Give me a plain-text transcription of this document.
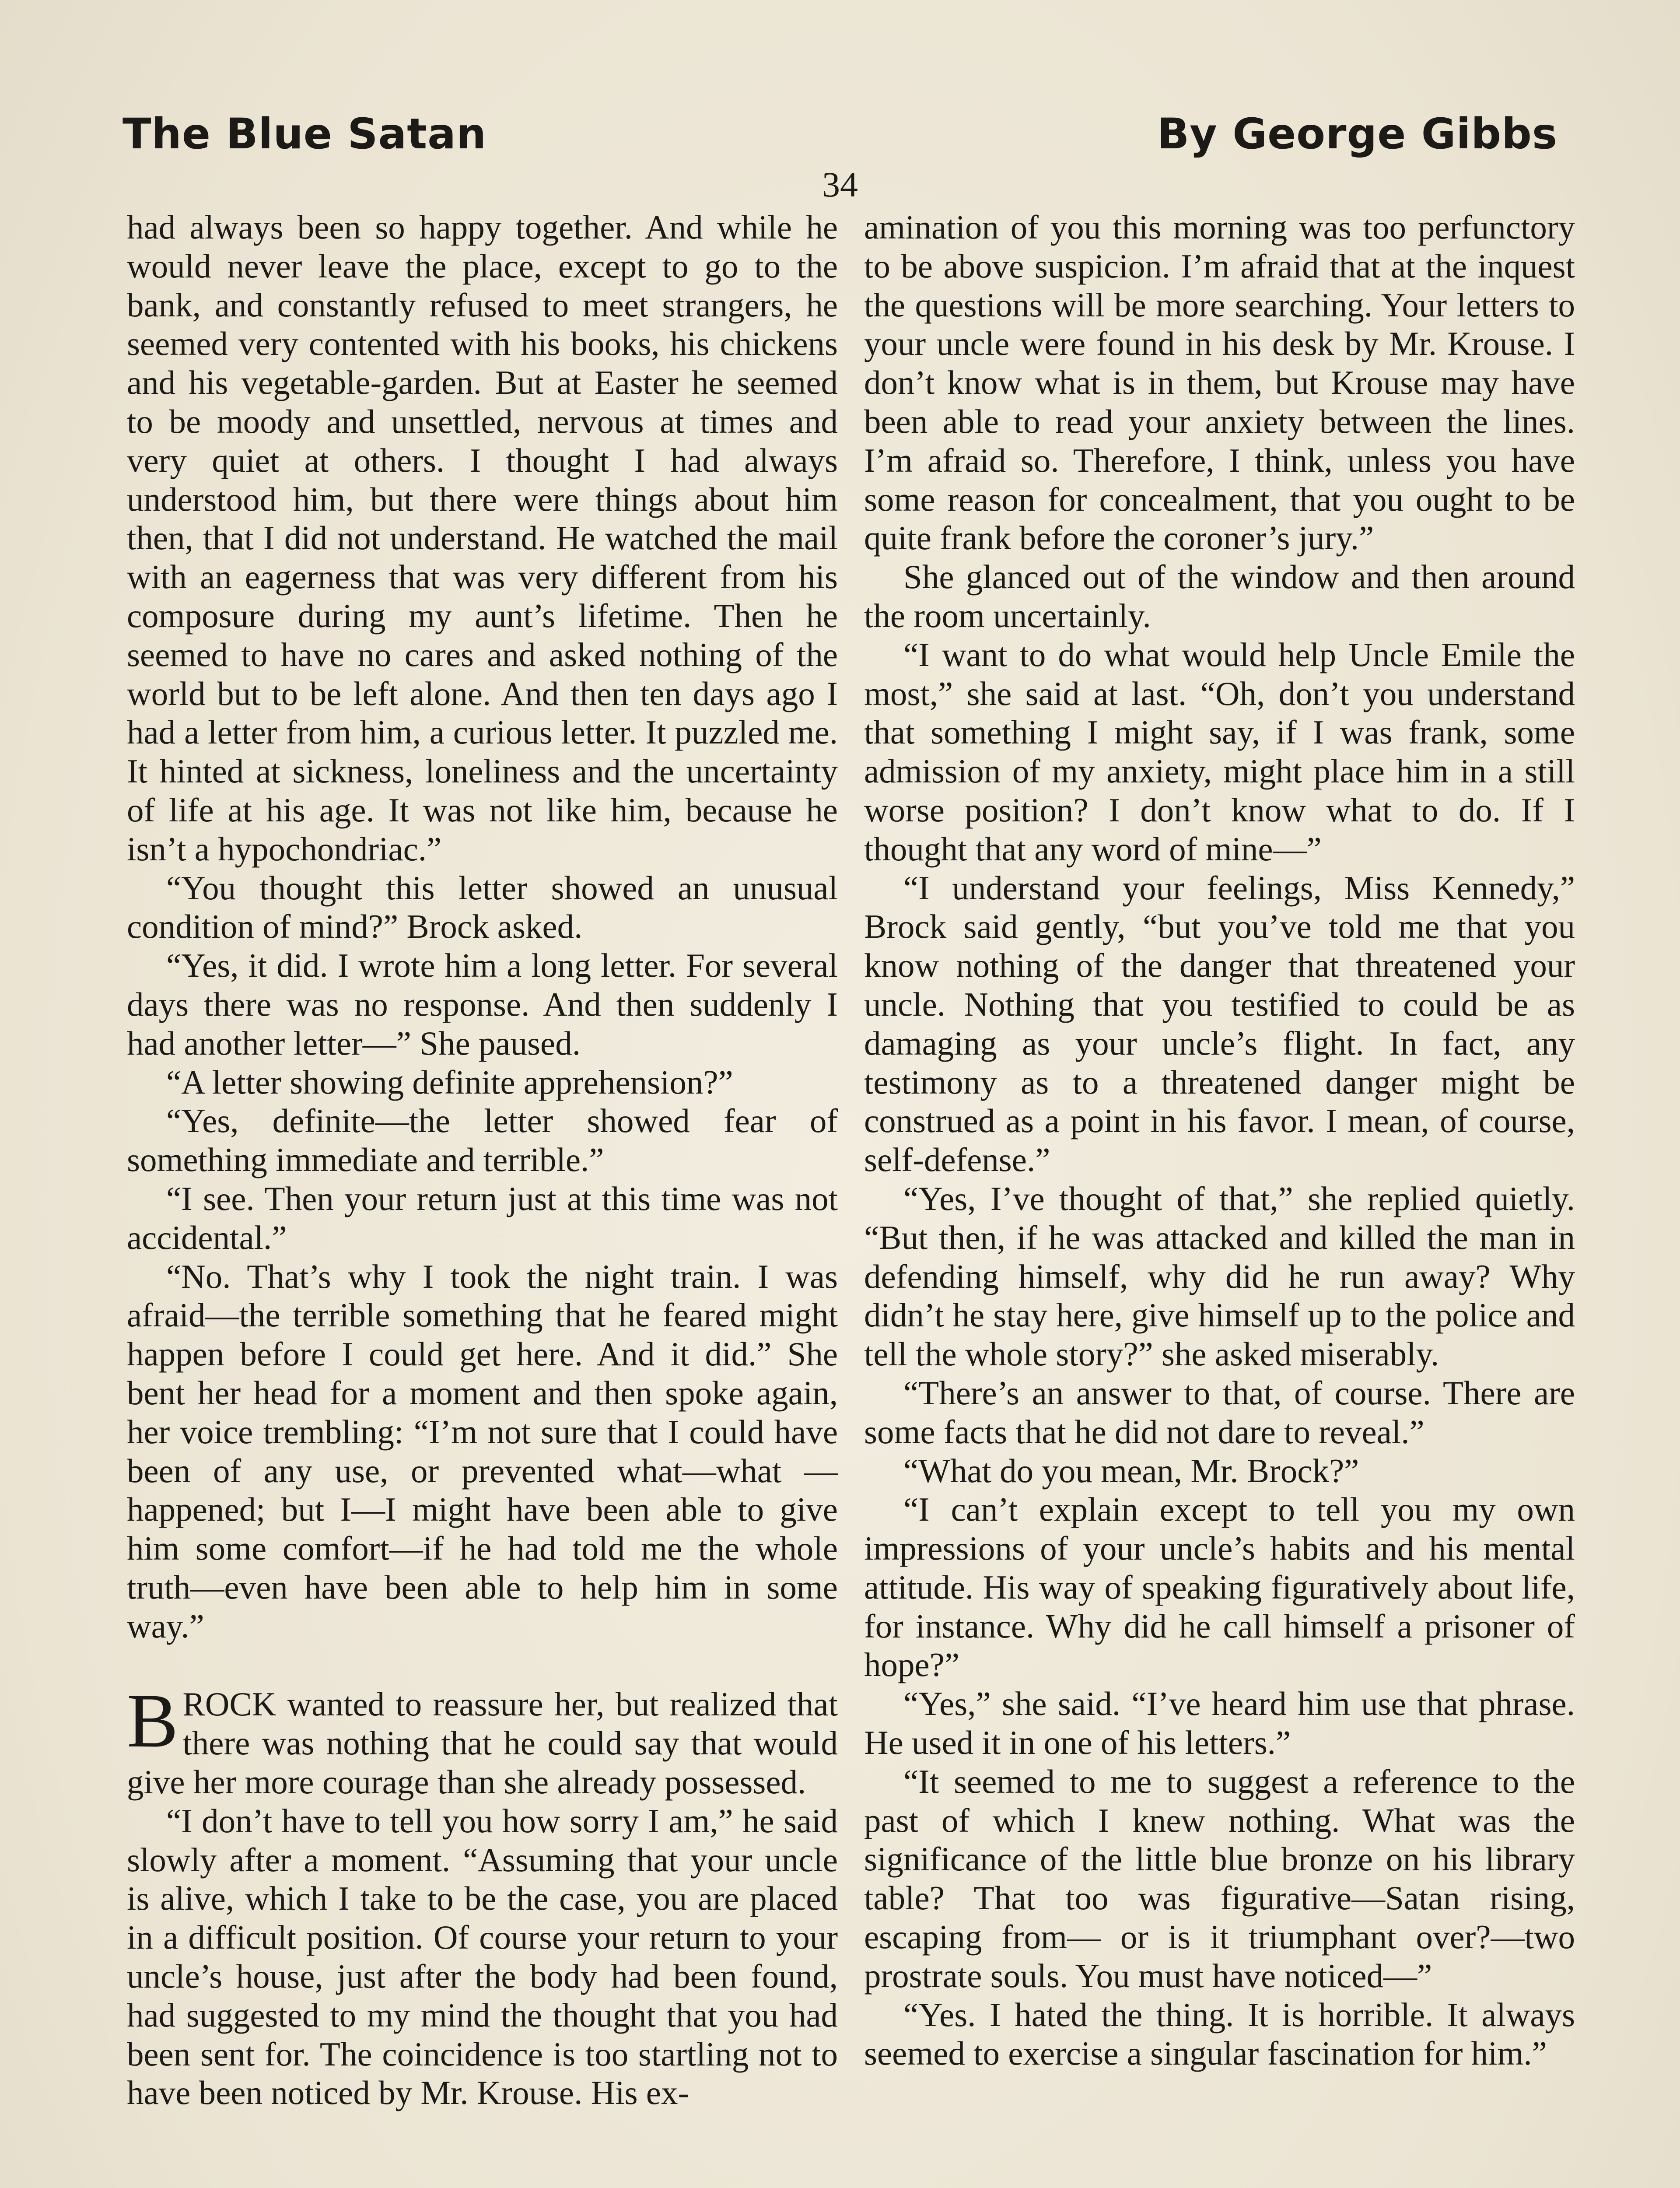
The Blue Satan	By George Gibbs
34

had always been so happy together. And while he would never leave the place, except to go to the bank, and constantly refused to meet strangers, he seemed very contented with his books, his chickens and his vegetable-garden. But at Easter he seemed to be moody and unsettled, nervous at times and very quiet at others. I thought I had always understood him, but there were things about him then, that I did not understand. He watched the mail with an eagerness that was very different from his composure during my aunt’s lifetime. Then he seemed to have no cares and asked nothing of the world but to be left alone. And then ten days ago I had a letter from him, a curious letter. It puzzled me. It hinted at sickness, loneliness and the uncertainty of life at his age. It was not like him, because he isn’t a hypochondriac.”

“You thought this letter showed an unusual condition of mind?” Brock asked.

“Yes, it did. I wrote him a long letter. For several days there was no response. And then suddenly I had another letter—” She paused.

“A letter showing definite apprehension?”

“Yes, definite—the letter showed fear of something immediate and terrible.”

“I see. Then your return just at this time was not accidental.”

“No. That’s why I took the night train. I was afraid—the terrible something that he feared might happen before I could get here. And it did.” She bent her head for a moment and then spoke again, her voice trembling: “I’m not sure that I could have been of any use, or prevented what—what —happened; but I—I might have been able to give him some comfort—if he had told me the whole truth—even have been able to help him in some way.”

BROCK wanted to reassure her, but realized that there was nothing that he could say that would give her more courage than she already possessed.

“I don’t have to tell you how sorry I am,” he said slowly after a moment. “Assuming that your uncle is alive, which I take to be the case, you are placed in a difficult position. Of course your return to your uncle’s house, just after the body had been found, had suggested to my mind the thought that you had been sent for. The coincidence is too startling not to have been noticed by Mr. Krouse. His ex-

amination of you this morning was too perfunctory to be above suspicion. I’m afraid that at the inquest the questions will be more searching. Your letters to your uncle were found in his desk by Mr. Krouse. I don’t know what is in them, but Krouse may have been able to read your anxiety between the lines. I’m afraid so. Therefore, I think, unless you have some reason for concealment, that you ought to be quite frank before the coroner’s jury.”

She glanced out of the window and then around the room uncertainly.

“I want to do what would help Uncle Emile the most,” she said at last. “Oh, don’t you understand that something I might say, if I was frank, some admission of my anxiety, might place him in a still worse position? I don’t know what to do. If I thought that any word of mine—”

“I understand your feelings, Miss Kennedy,” Brock said gently, “but you’ve told me that you know nothing of the danger that threatened your uncle. Nothing that you testified to could be as damaging as your uncle’s flight. In fact, any testimony as to a threatened danger might be construed as a point in his favor. I mean, of course, self-defense.”

“Yes, I’ve thought of that,” she replied quietly. “But then, if he was attacked and killed the man in defending himself, why did he run away? Why didn’t he stay here, give himself up to the police and tell the whole story?” she asked miserably.

“There’s an answer to that, of course. There are some facts that he did not dare to reveal.”

“What do you mean, Mr. Brock?”

“I can’t explain except to tell you my own impressions of your uncle’s habits and his mental attitude. His way of speaking figuratively about life, for instance. Why did he call himself a prisoner of hope?”

“Yes,” she said. “I’ve heard him use that phrase. He used it in one of his letters.”

“It seemed to me to suggest a reference to the past of which I knew nothing. What was the significance of the little blue bronze on his library table? That too was figurative—Satan rising, escaping from— or is it triumphant over?—two prostrate souls. You must have noticed—”

“Yes. I hated the thing. It is horrible. It always seemed to exercise a singular fascination for him.”
